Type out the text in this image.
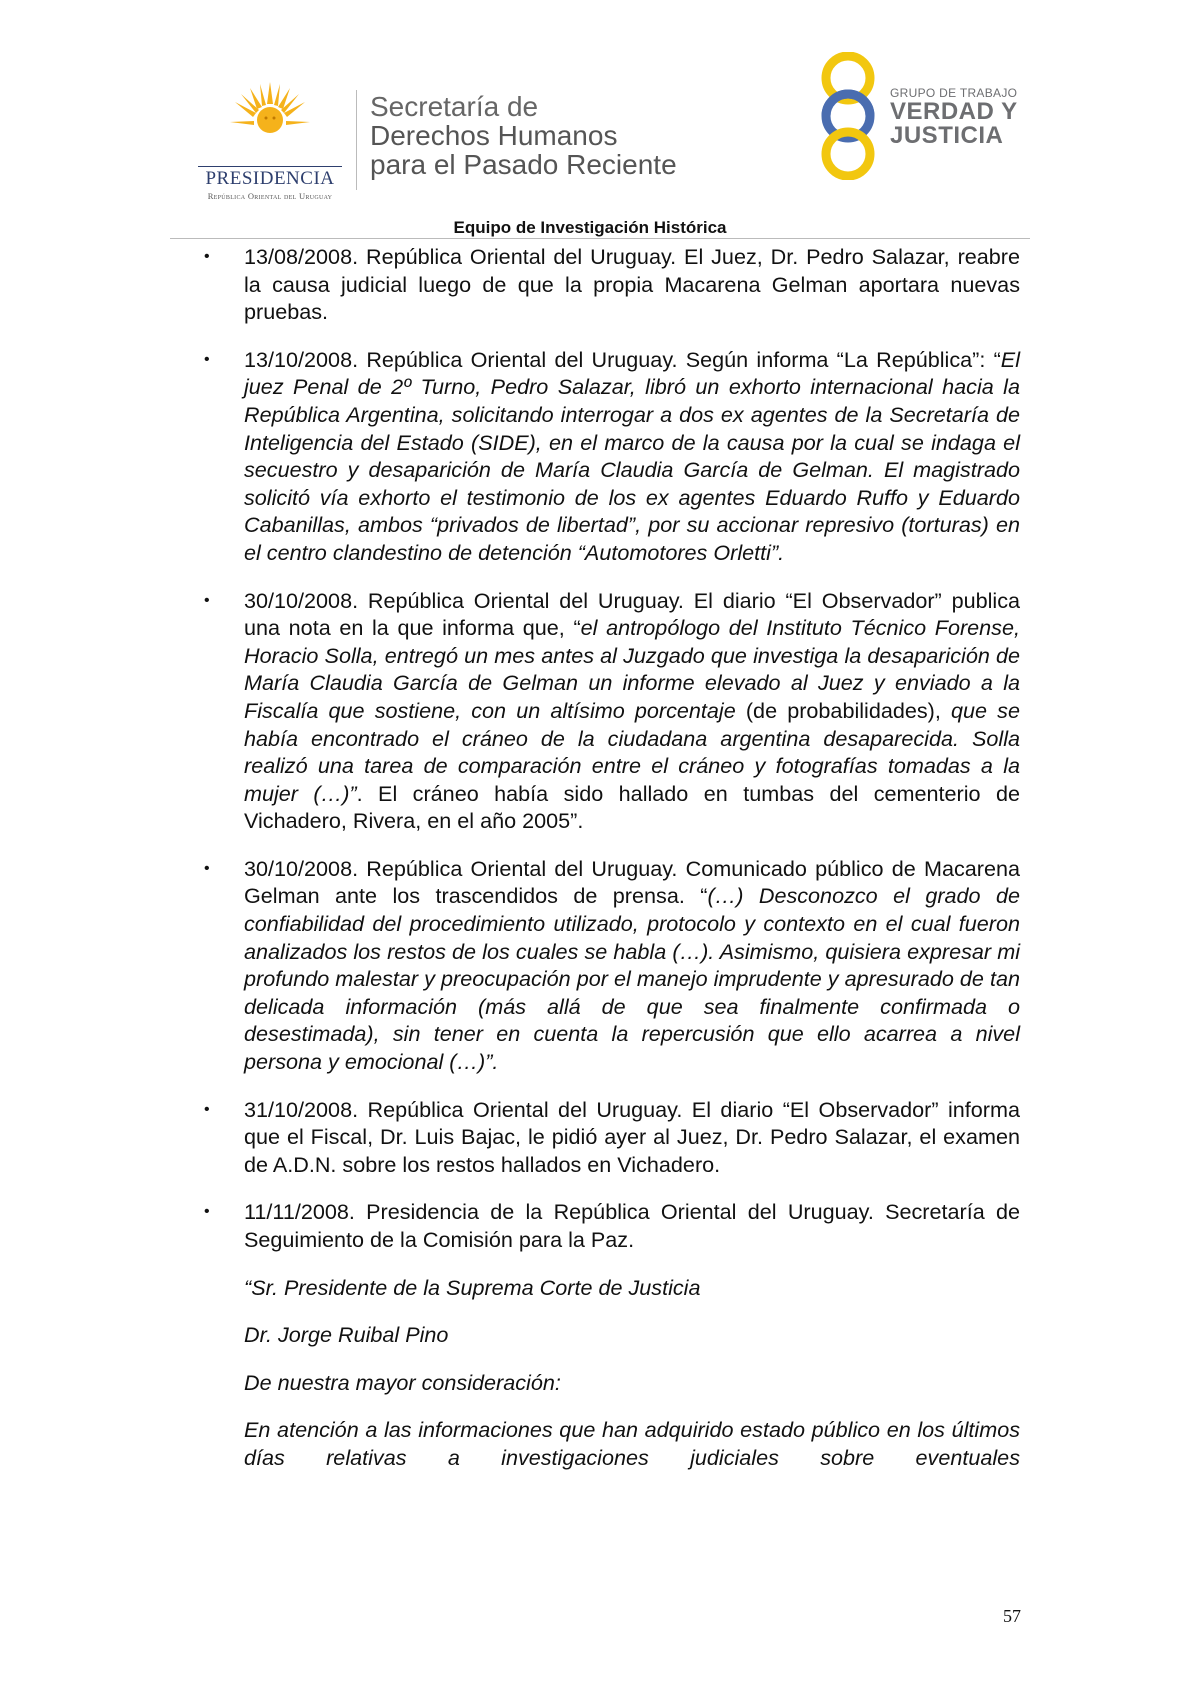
PRESIDENCIA
República Oriental del Uruguay
Secretaría de
Derechos Humanos
para el Pasado Reciente
GRUPO DE TRABAJO
VERDAD Y
JUSTICIA
Equipo de Investigación Histórica
• 13/08/2008. República Oriental del Uruguay. El Juez, Dr. Pedro Salazar, reabre la causa judicial luego de que la propia Macarena Gelman aportara nuevas pruebas.

• 13/10/2008. República Oriental del Uruguay. Según informa “La República”: “El juez Penal de 2º Turno, Pedro Salazar, libró un exhorto internacional hacia la República Argentina, solicitando interrogar a dos ex agentes de la Secretaría de Inteligencia del Estado (SIDE), en el marco de la causa por la cual se indaga el secuestro y desaparición de María Claudia García de Gelman. El magistrado solicitó vía exhorto el testimonio de los ex agentes Eduardo Ruffo y Eduardo Cabanillas, ambos “privados de libertad”, por su accionar represivo (torturas) en el centro clandestino de detención “Automotores Orletti”.

• 30/10/2008. República Oriental del Uruguay. El diario “El Observador” publica una nota en la que informa que, “el antropólogo del Instituto Técnico Forense, Horacio Solla, entregó un mes antes al Juzgado que investiga la desaparición de María Claudia García de Gelman un informe elevado al Juez y enviado a la Fiscalía que sostiene, con un altísimo porcentaje (de probabilidades), que se había encontrado el cráneo de la ciudadana argentina desaparecida. Solla realizó una tarea de comparación entre el cráneo y fotografías tomadas a la mujer (…)”. El cráneo había sido hallado en tumbas del cementerio de Vichadero, Rivera, en el año 2005”.

• 30/10/2008. República Oriental del Uruguay. Comunicado público de Macarena Gelman ante los trascendidos de prensa. “(…) Desconozco el grado de confiabilidad del procedimiento utilizado, protocolo y contexto en el cual fueron analizados los restos de los cuales se habla (…). Asimismo, quisiera expresar mi profundo malestar y preocupación por el manejo imprudente y apresurado de tan delicada información (más allá de que sea finalmente confirmada o desestimada), sin tener en cuenta la repercusión que ello acarrea a nivel persona y emocional (…)”.

• 31/10/2008. República Oriental del Uruguay. El diario “El Observador” informa que el Fiscal, Dr. Luis Bajac, le pidió ayer al Juez, Dr. Pedro Salazar, el examen de A.D.N. sobre los restos hallados en Vichadero.

• 11/11/2008. Presidencia de la República Oriental del Uruguay. Secretaría de Seguimiento de la Comisión para la Paz.

“Sr. Presidente de la Suprema Corte de Justicia

Dr. Jorge Ruibal Pino

De nuestra mayor consideración:

En atención a las informaciones que han adquirido estado público en los últimos días relativas a investigaciones judiciales sobre eventuales

57
